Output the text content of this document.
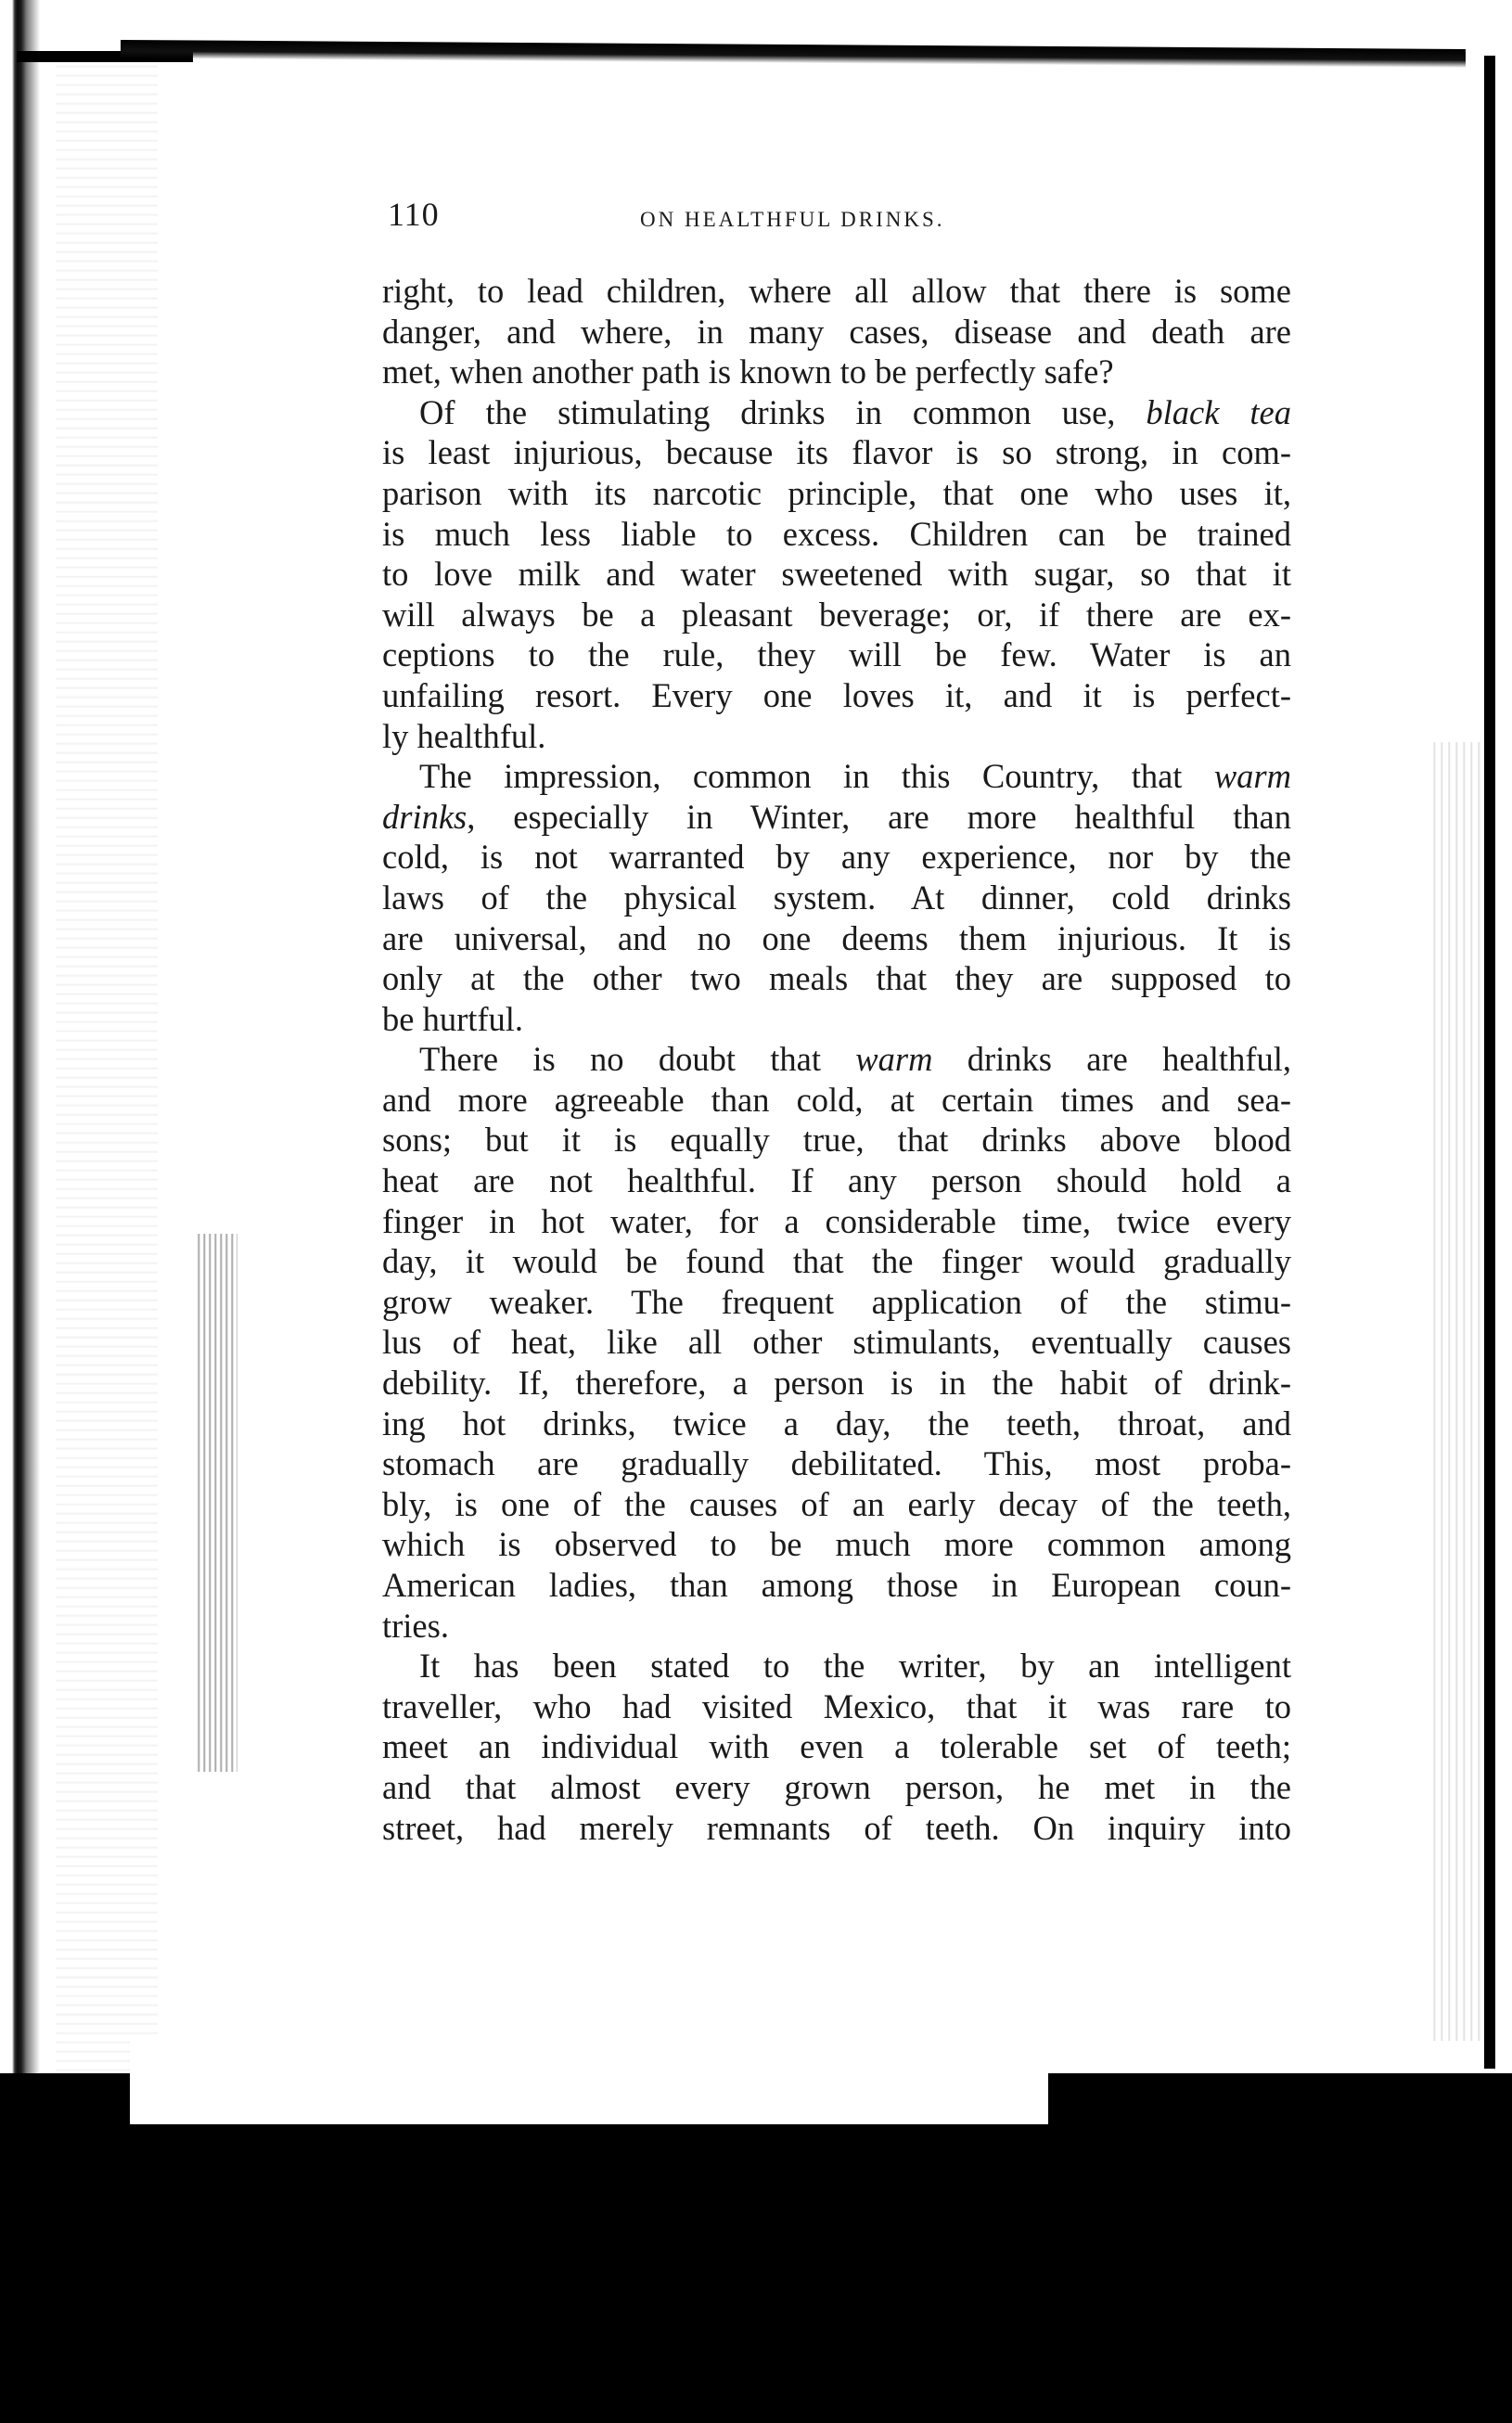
110	ON HEALTHFUL DRINKS.

right, to lead children, where all allow that there is some
danger, and where, in many cases, disease and death are
met, when another path is known to be perfectly safe?

Of the stimulating drinks in common use, black tea
is least injurious, because its flavor is so strong, in com-
parison with its narcotic principle, that one who uses it,
is much less liable to excess. Children can be trained
to love milk and water sweetened with sugar, so that it
will always be a pleasant beverage; or, if there are ex-
ceptions to the rule, they will be few. Water is an
unfailing resort. Every one loves it, and it is perfect-
ly healthful.

The impression, common in this Country, that warm
drinks, especially in Winter, are more healthful than
cold, is not warranted by any experience, nor by the
laws of the physical system. At dinner, cold drinks
are universal, and no one deems them injurious. It is
only at the other two meals that they are supposed to
be hurtful.

There is no doubt that warm drinks are healthful,
and more agreeable than cold, at certain times and sea-
sons; but it is equally true, that drinks above blood
heat are not healthful. If any person should hold a
finger in hot water, for a considerable time, twice every
day, it would be found that the finger would gradually
grow weaker. The frequent application of the stimu-
lus of heat, like all other stimulants, eventually causes
debility. If, therefore, a person is in the habit of drink-
ing hot drinks, twice a day, the teeth, throat, and
stomach are gradually debilitated. This, most proba-
bly, is one of the causes of an early decay of the teeth,
which is observed to be much more common among
American ladies, than among those in European coun-
tries.

It has been stated to the writer, by an intelligent
traveller, who had visited Mexico, that it was rare to
meet an individual with even a tolerable set of teeth;
and that almost every grown person, he met in the
street, had merely remnants of teeth. On inquiry into
